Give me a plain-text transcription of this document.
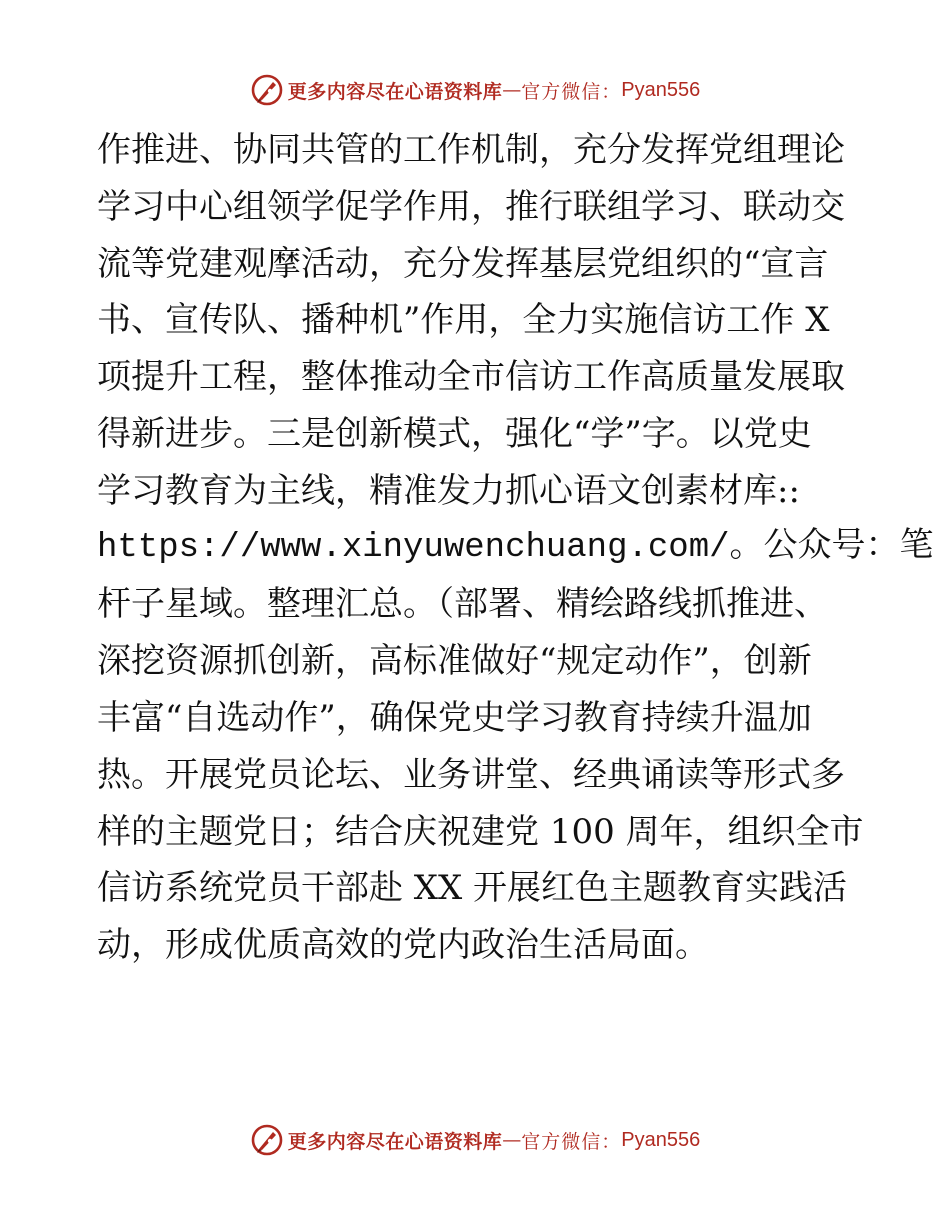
更多内容尽在心语资料库 — 官方微信： Pyan556
作推进、协同共管的工作机制，充分发挥党组理论
学习中心组领学促学作用，推行联组学习、联动交
流等党建观摩活动，充分发挥基层党组织的“宣言
书、宣传队、播种机”作用，全力实施信访工作 X
项提升工程，整体推动全市信访工作高质量发展取
得新进步。三是创新模式，强化“学”字。以党史
学习教育为主线，精准发力抓心语文创素材库::
https://www.xinyuwenchuang.com/。公众号：笔
杆子星域。整理汇总。（部署、精绘路线抓推进、
深挖资源抓创新，高标准做好“规定动作”，创新
丰富“自选动作”，确保党史学习教育持续升温加
热。开展党员论坛、业务讲堂、经典诵读等形式多
样的主题党日；结合庆祝建党 100 周年，组织全市
信访系统党员干部赴 XX 开展红色主题教育实践活
动，形成优质高效的党内政治生活局面。
更多内容尽在心语资料库 — 官方微信： Pyan556
